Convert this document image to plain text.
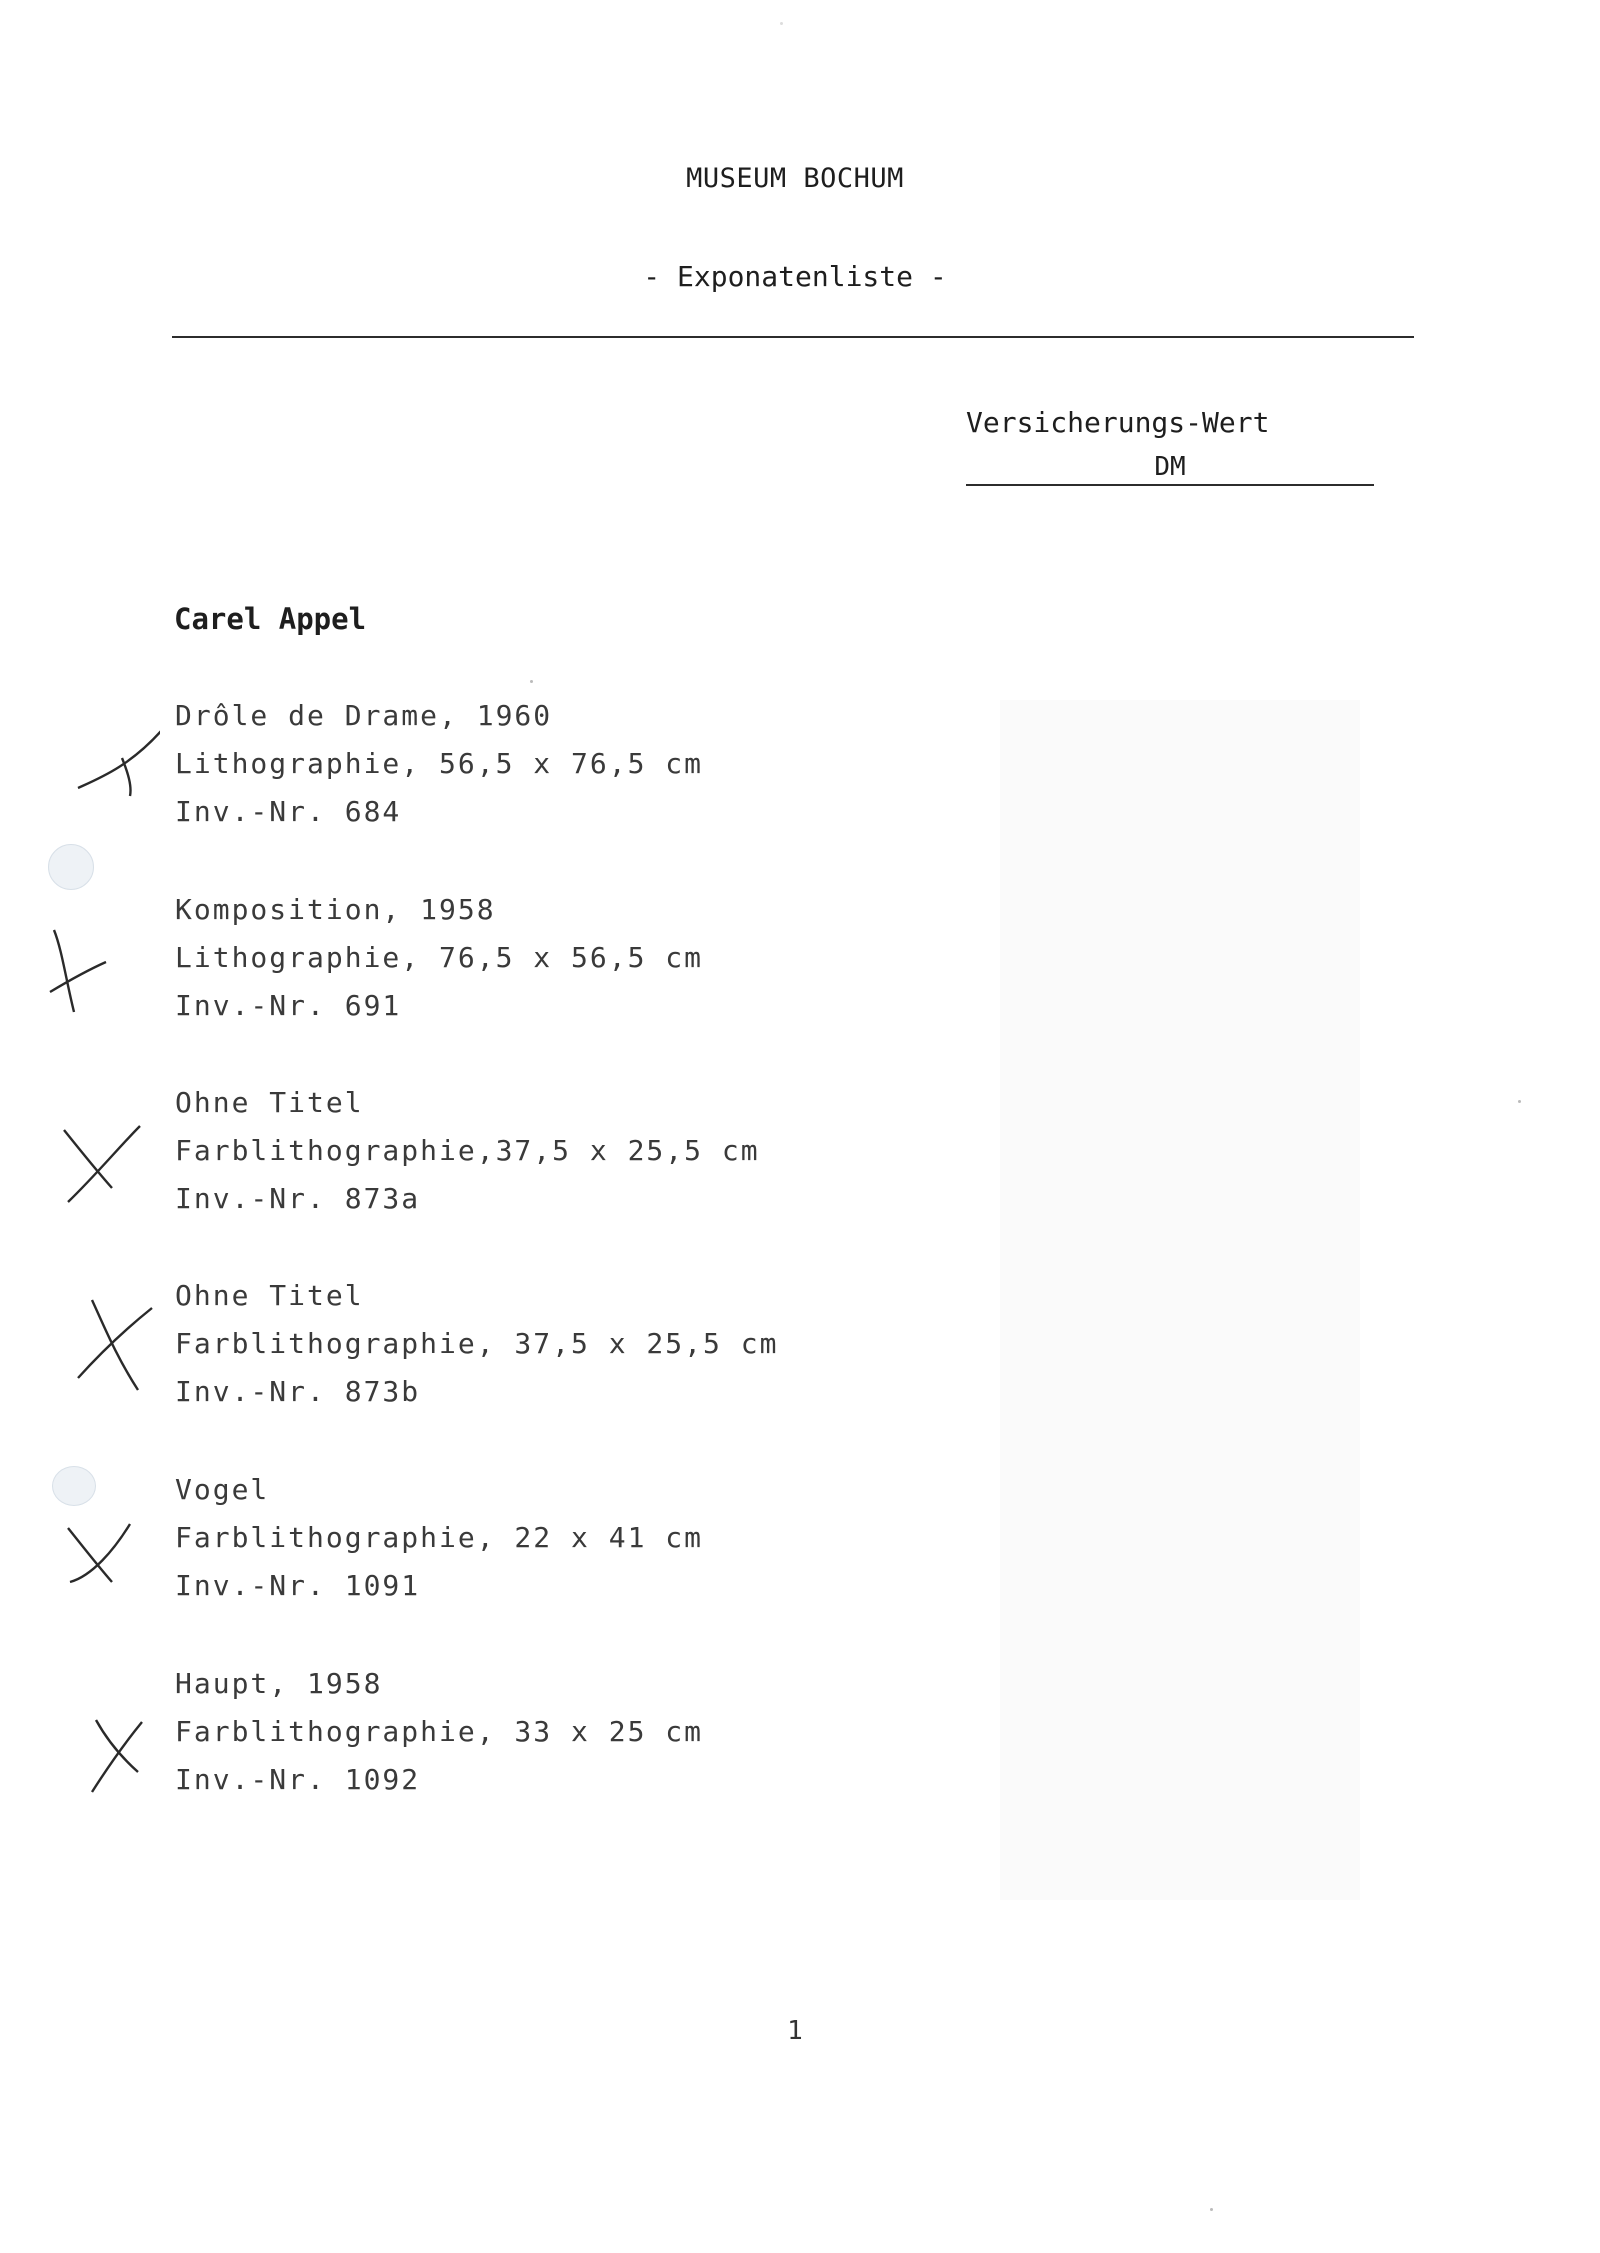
MUSEUM BOCHUM
- Exponatenliste -
Versicherungs-Wert
DM
Carel Appel
Drôle de Drame, 1960
Lithographie, 56,5 x 76,5 cm
Inv.-Nr. 684
Komposition, 1958
Lithographie, 76,5 x 56,5 cm
Inv.-Nr. 691
Ohne Titel
Farblithographie,37,5 x 25,5 cm
Inv.-Nr. 873a
Ohne Titel
Farblithographie, 37,5 x 25,5 cm
Inv.-Nr. 873b
Vogel
Farblithographie, 22 x 41 cm
Inv.-Nr. 1091
Haupt, 1958
Farblithographie, 33 x 25 cm
Inv.-Nr. 1092
1
